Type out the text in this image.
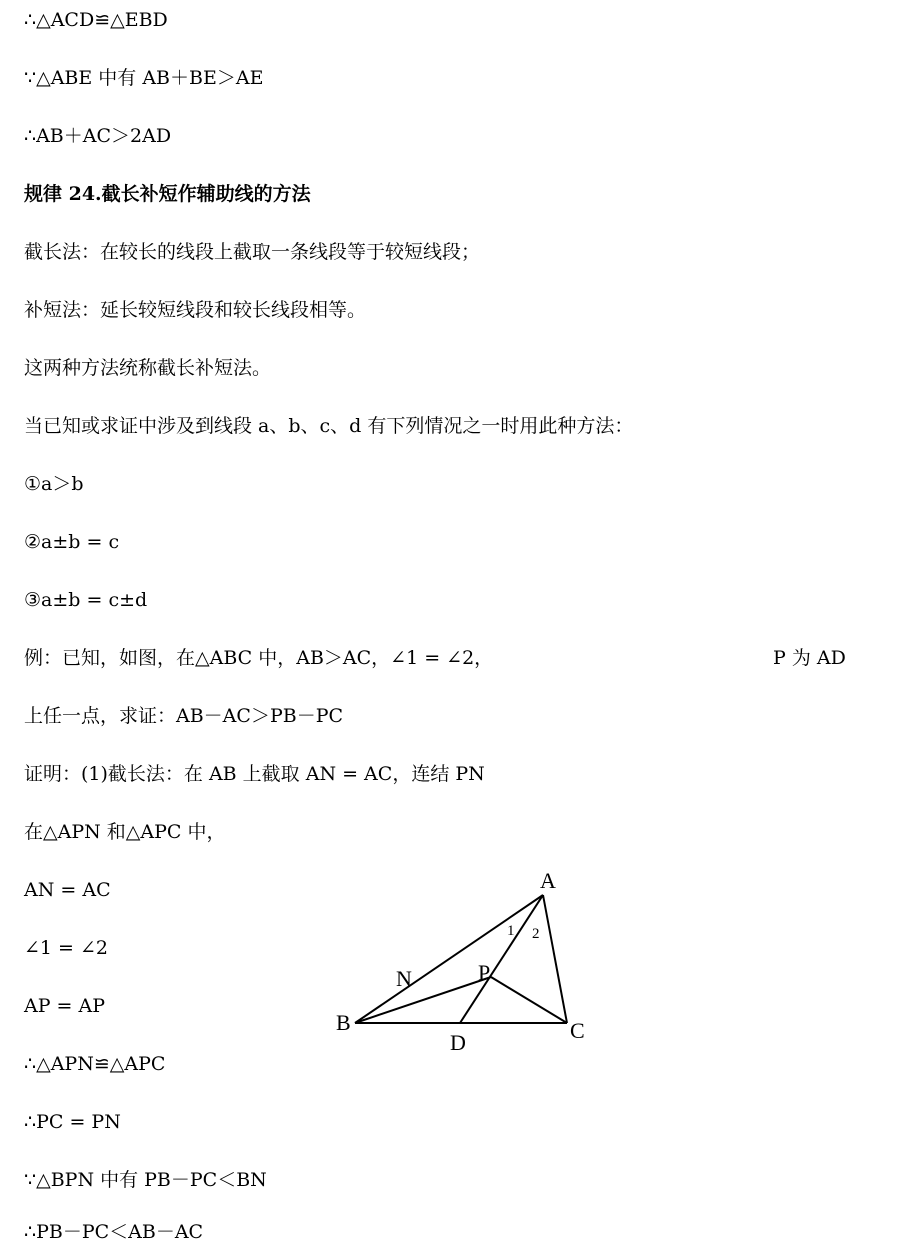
∴△ACD≌△EBD
∵△ABE 中有 AB＋BE＞AE
∴AB＋AC＞2AD
规律 24.截长补短作辅助线的方法
截长法：在较长的线段上截取一条线段等于较短线段；
补短法：延长较短线段和较长线段相等。
这两种方法统称截长补短法。
当已知或求证中涉及到线段 a、b、c、d 有下列情况之一时用此种方法：
①a＞b
②a±b = c
③a±b = c±d
例：已知，如图，在△ABC 中，AB＞AC，∠1 = ∠2，	P 为 AD
上任一点，求证：AB－AC＞PB－PC
证明：(1)截长法：在 AB 上截取 AN = AC，连结 PN
在△APN 和△APC 中，
AN = AC
∠1 = ∠2
AP = AP
∴△APN≌△APC
∴PC = PN
∵△BPN 中有 PB－PC＜BN
∴PB－PC＜AB－AC
A
B	C
D
N	P
1 2
